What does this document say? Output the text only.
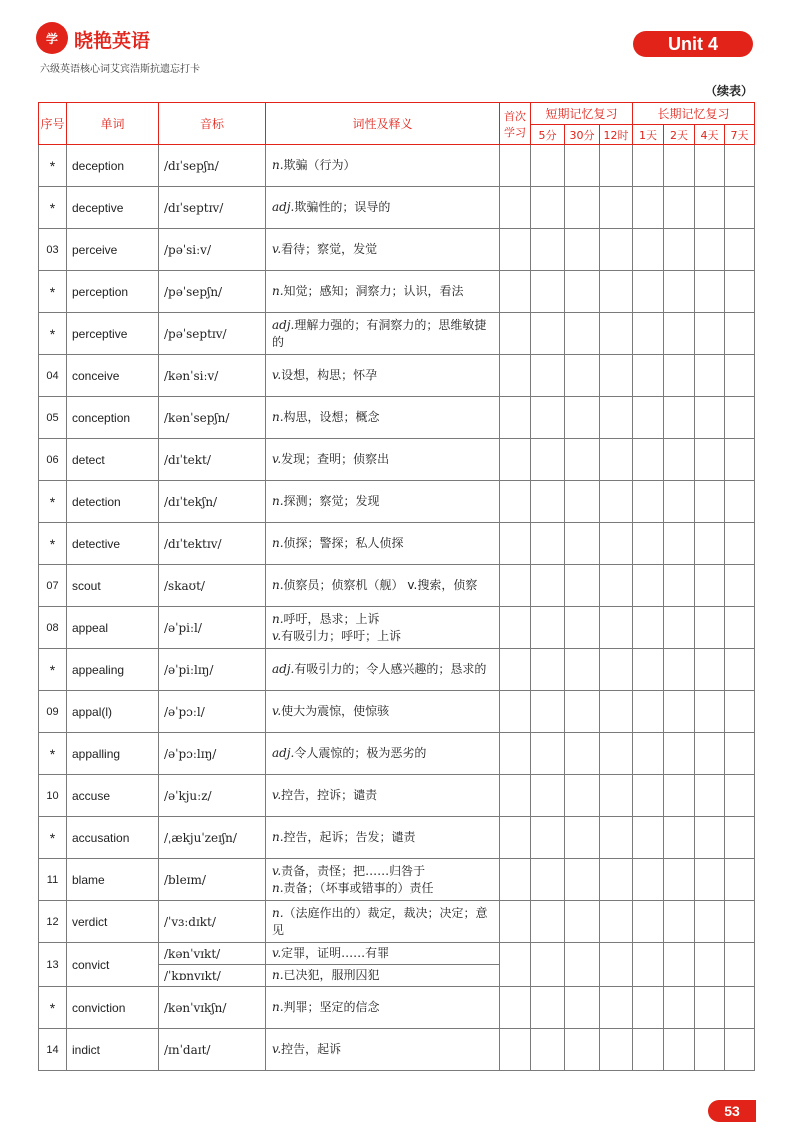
学 晓艳英语
六级英语核心词艾宾浩斯抗遗忘打卡
Unit 4
（续表）
序号	单词	音标	词性及释义	首次学习	短期记忆复习			长期记忆复习			
					5分	30分	12时	1天	2天	4天	7天
*	deception	/dɪˈsepʃn/	n.欺骗（行为）								

*	deceptive	/dɪˈseptɪv/	adj.欺骗性的；误导的								

03	perceive	/pəˈsiːv/	v.看待；察觉，发觉								

*	perception	/pəˈsepʃn/	n.知觉；感知；洞察力；认识，看法								

*	perceptive	/pəˈseptɪv/	adj.理解力强的；有洞察力的；思维敏捷的								

04	conceive	/kənˈsiːv/	v.设想，构思；怀孕								

05	conception	/kənˈsepʃn/	n.构思，设想；概念								

06	detect	/dɪˈtekt/	v.发现；查明；侦察出								

*	detection	/dɪˈtekʃn/	n.探测；察觉；发现								

*	detective	/dɪˈtektɪv/	n.侦探；警探；私人侦探								

07	scout	/skaʊt/	n.侦察员；侦察机（舰） v.搜索，侦察								

08	appeal	/əˈpiːl/	n.呼吁，恳求；上诉
v.有吸引力；呼吁；上诉								

*	appealing	/əˈpiːlɪŋ/	adj.有吸引力的；令人感兴趣的；恳求的								

09	appal(l)	/əˈpɔːl/	v.使大为震惊，使惊骇								

*	appalling	/əˈpɔːlɪŋ/	adj.令人震惊的；极为恶劣的								

10	accuse	/əˈkjuːz/	v.控告，控诉；谴责								

*	accusation	/ˌækjuˈzeɪʃn/	n.控告，起诉；告发；谴责								

11	blame	/bleɪm/	v.责备，责怪；把……归咎于
n.责备；（坏事或错事的）责任								

12	verdict	/ˈvɜːdɪkt/	n.（法庭作出的）裁定，裁决；决定；意见								

13	convict	/kənˈvɪkt/	v.定罪，证明……有罪								
		/ˈkɒnvɪkt/	n.已决犯，服刑囚犯								
*	conviction	/kənˈvɪkʃn/	n.判罪；坚定的信念								

14	indict	/ɪnˈdaɪt/	v.控告，起诉								

53
